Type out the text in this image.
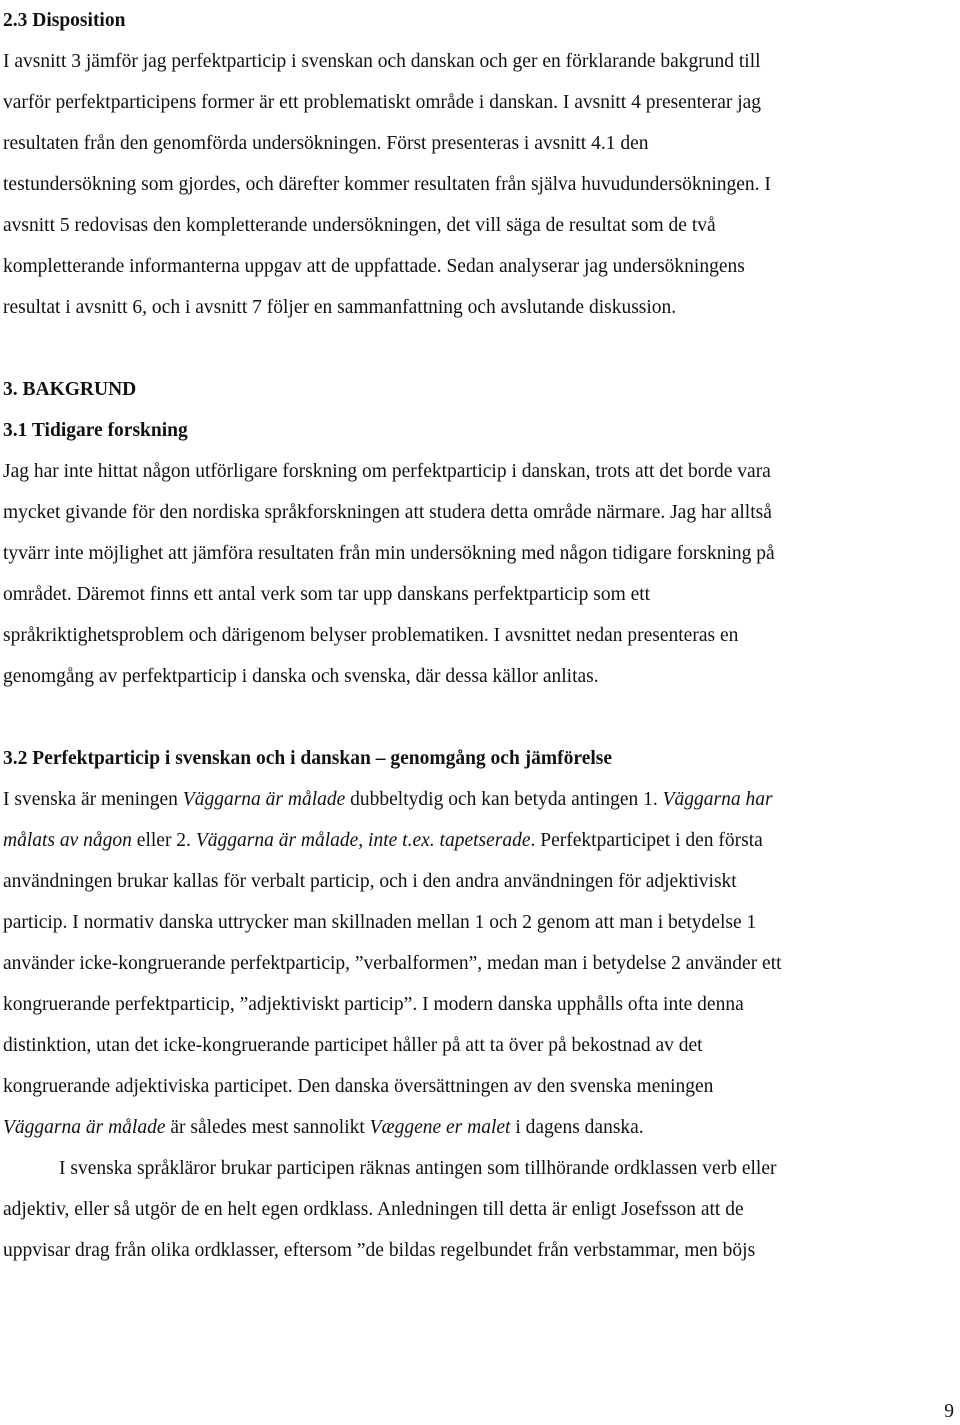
2.3 Disposition
I avsnitt 3 jämför jag perfektparticip i svenskan och danskan och ger en förklarande bakgrund till
varför perfektparticipens former är ett problematiskt område i danskan. I avsnitt 4 presenterar jag
resultaten från den genomförda undersökningen. Först presenteras i avsnitt 4.1 den
testundersökning som gjordes, och därefter kommer resultaten från själva huvudundersökningen. I
avsnitt 5 redovisas den kompletterande undersökningen, det vill säga de resultat som de två
kompletterande informanterna uppgav att de uppfattade. Sedan analyserar jag undersökningens
resultat i avsnitt 6, och i avsnitt 7 följer en sammanfattning och avslutande diskussion.
3. BAKGRUND
3.1 Tidigare forskning
Jag har inte hittat någon utförligare forskning om perfektparticip i danskan, trots att det borde vara
mycket givande för den nordiska språkforskningen att studera detta område närmare. Jag har alltså
tyvärr inte möjlighet att jämföra resultaten från min undersökning med någon tidigare forskning på
området. Däremot finns ett antal verk som tar upp danskans perfektparticip som ett
språkriktighetsproblem och därigenom belyser problematiken. I avsnittet nedan presenteras en
genomgång av perfektparticip i danska och svenska, där dessa källor anlitas.
3.2 Perfektparticip i svenskan och i danskan – genomgång och jämförelse
I svenska är meningen Väggarna är målade dubbeltydig och kan betyda antingen 1. Väggarna har
målats av någon eller 2. Väggarna är målade, inte t.ex. tapetserade. Perfektparticipet i den första
användningen brukar kallas för verbalt particip, och i den andra användningen för adjektiviskt
particip. I normativ danska uttrycker man skillnaden mellan 1 och 2 genom att man i betydelse 1
använder icke-kongruerande perfektparticip, ”verbalformen”, medan man i betydelse 2 använder ett
kongruerande perfektparticip, ”adjektiviskt particip”. I modern danska upphålls ofta inte denna
distinktion, utan det icke-kongruerande participet håller på att ta över på bekostnad av det
kongruerande adjektiviska participet. Den danska översättningen av den svenska meningen
Väggarna är målade är således mest sannolikt Væggene er malet i dagens danska.
I svenska språkläror brukar participen räknas antingen som tillhörande ordklassen verb eller
adjektiv, eller så utgör de en helt egen ordklass. Anledningen till detta är enligt Josefsson att de
uppvisar drag från olika ordklasser, eftersom ”de bildas regelbundet från verbstammar, men böjs
9
